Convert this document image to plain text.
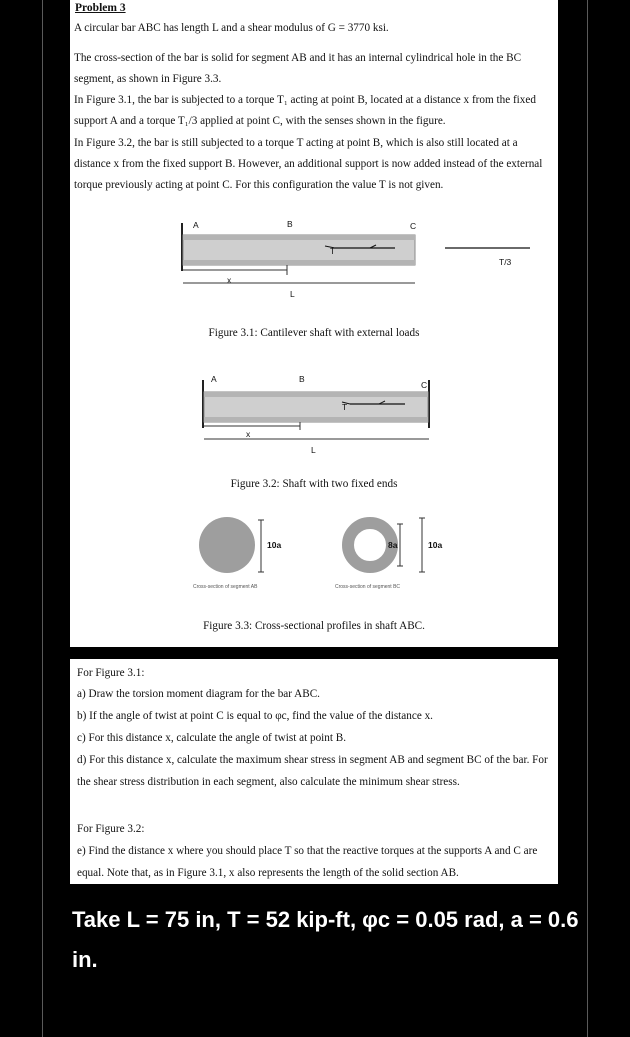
Problem 3
A circular bar ABC has length L and a shear modulus of G = 3770 ksi.
The cross-section of the bar is solid for segment AB and it has an internal cylindrical hole in the BC segment, as shown in Figure 3.3.
In Figure 3.1, the bar is subjected to a torque T₁ acting at point B, located at a distance x from the fixed support A and a torque T₁/3 applied at point C, with the senses shown in the figure.
In Figure 3.2, the bar is still subjected to a torque T acting at point B, which is also still located at a distance x from the fixed support B. However, an additional support is now added instead of the external torque previously acting at point C. For this configuration the value T is not given.
A	B	C
T
T/3
x
L
Figure 3.1: Cantilever shaft with external loads
A	B
C
T
x
L
Figure 3.2: Shaft with two fixed ends
10a	8a	10a
Cross-section of segment AB	Cross-section of segment BC
Figure 3.3: Cross-sectional profiles in shaft ABC.
For Figure 3.1:
a) Draw the torsion moment diagram for the bar ABC.
b) If the angle of twist at point C is equal to φc, find the value of the distance x.
c) For this distance x, calculate the angle of twist at point B.
d) For this distance x, calculate the maximum shear stress in segment AB and segment BC of the bar. For the shear stress distribution in each segment, also calculate the minimum shear stress.
For Figure 3.2:
e) Find the distance x where you should place T so that the reactive torques at the supports A and C are equal. Note that, as in Figure 3.1, x also represents the length of the solid section AB.
Take L = 75 in, T = 52 kip-ft, φc = 0.05 rad, a = 0.6 in.
